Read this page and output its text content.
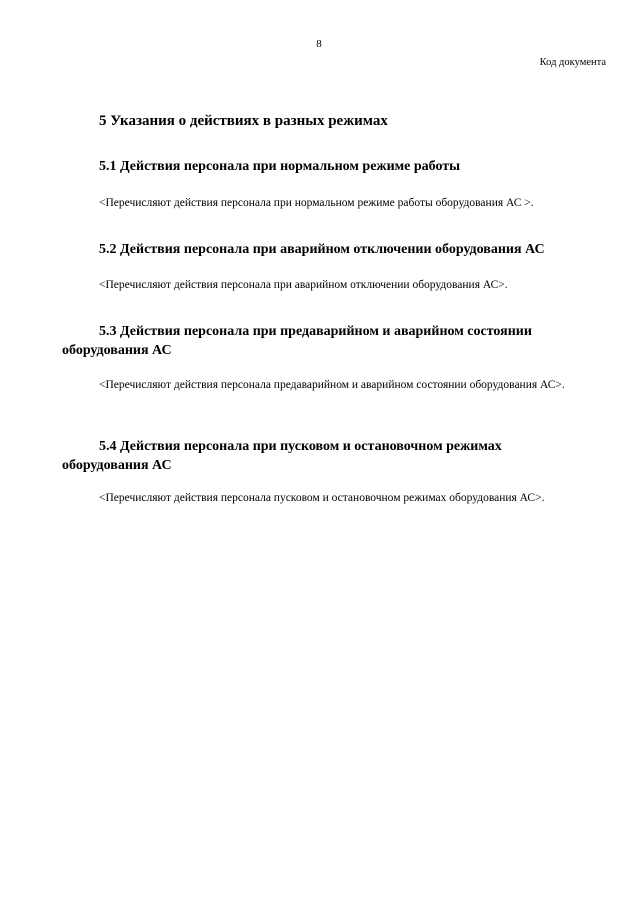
8
Код документа
5 Указания о действиях в разных режимах
5.1 Действия персонала при нормальном режиме работы
<Перечисляют действия персонала при нормальном режиме работы оборудования АС >.
5.2 Действия персонала при аварийном отключении оборудования АС
<Перечисляют действия персонала при аварийном отключении оборудования АС>.
5.3 Действия персонала при предаварийном и аварийном состоянии оборудования АС
<Перечисляют действия персонала предаварийном и аварийном состоянии оборудования АС>.
5.4 Действия персонала при пусковом и остановочном режимах оборудования АС
<Перечисляют действия персонала пусковом и остановочном режимах оборудования АС>.
